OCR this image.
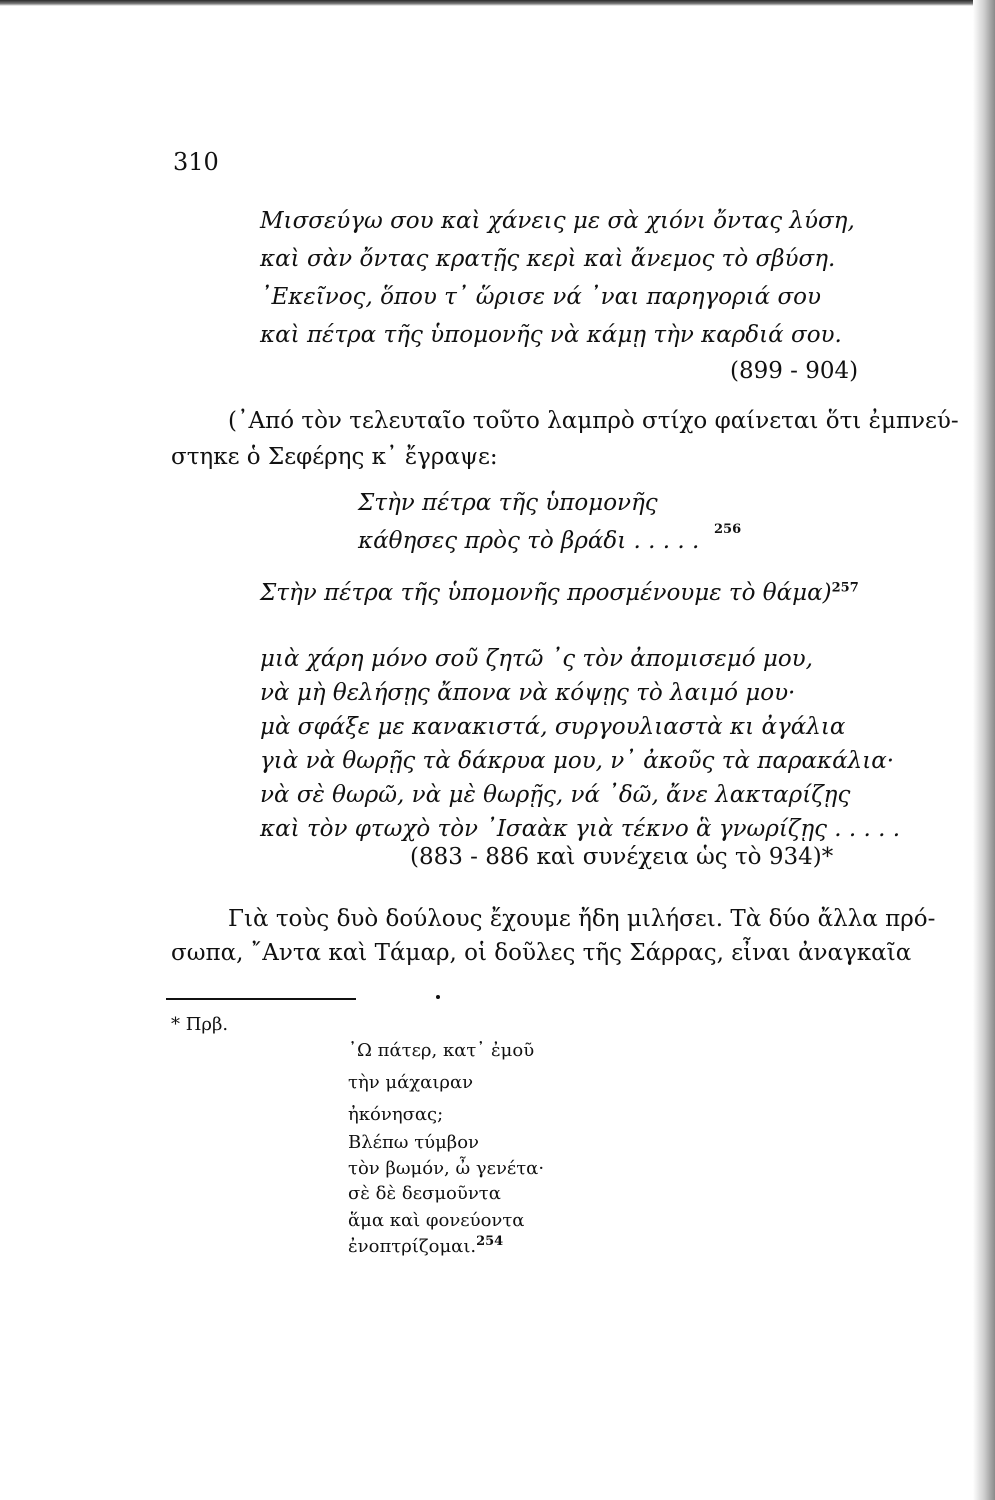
310
Μισσεύγω σου καὶ χάνεις με σὰ χιόνι ὄντας λύση,
καὶ σὰν ὄντας κρατῇς κερὶ καὶ ἄνεμος τὸ σβύση.
᾽Εκεῖνος, ὅπου τ᾽ ὥρισε νά ᾽ναι παρηγοριά σου
καὶ πέτρα τῆς ὑπομονῆς νὰ κάμῃ τὴν καρδιά σου.
(899 - 904)
(᾽Από τὸν τελευταῖο τοῦτο λαμπρὸ στίχο φαίνεται ὅτι ἐμπνεύ-
στηκε ὁ Σεφέρης κ᾽ ἔγραψε:
Στὴν πέτρα τῆς ὑπομονῆς
κάθησες πρὸς τὸ βράδι . . . . . $^{256}$
Στὴν πέτρα τῆς ὑπομονῆς προσμένουμε τὸ θάμα)$^{257}$
μιὰ χάρη μόνο σοῦ ζητῶ ᾽ς τὸν ἀπομισεμό μου,
νὰ μὴ θελήσῃς ἄπονα νὰ κόψῃς τὸ λαιμό μου·
μὰ σφάξε με κανακιστά, συργουλιαστὰ κι ἀγάλια
γιὰ νὰ θωρῇς τὰ δάκρυα μου, ν᾽ ἀκοῦς τὰ παρακάλια·
νὰ σὲ θωρῶ, νὰ μὲ θωρῇς, νά ᾽δῶ, ἄνε λακταρίζῃς
καὶ τὸν φτωχὸ τὸν ᾽Ισαὰκ γιὰ τέκνο ἃ γνωρίζῃς . . . . .
(883 - 886 καὶ συνέχεια ὡς τὸ 934)*
Γιὰ τοὺς δυὸ δούλους ἔχουμε ἤδη μιλήσει. Τὰ δύο ἄλλα πρό-
σωπα, ῎Αντα καὶ Τάμαρ, οἱ δοῦλες τῆς Σάρρας, εἶναι ἀναγκαῖα
* Πρβ.
᾽Ω πάτερ, κατ᾽ ἐμοῦ
τὴν μάχαιραν
ἠκόνησας;
Βλέπω τύμβον
τὸν βωμόν, ὦ γενέτα·
σὲ δὲ δεσμοῦντα
ἅμα καὶ φονεύοντα
ἐνοπτρίζομαι.$^{254}$
